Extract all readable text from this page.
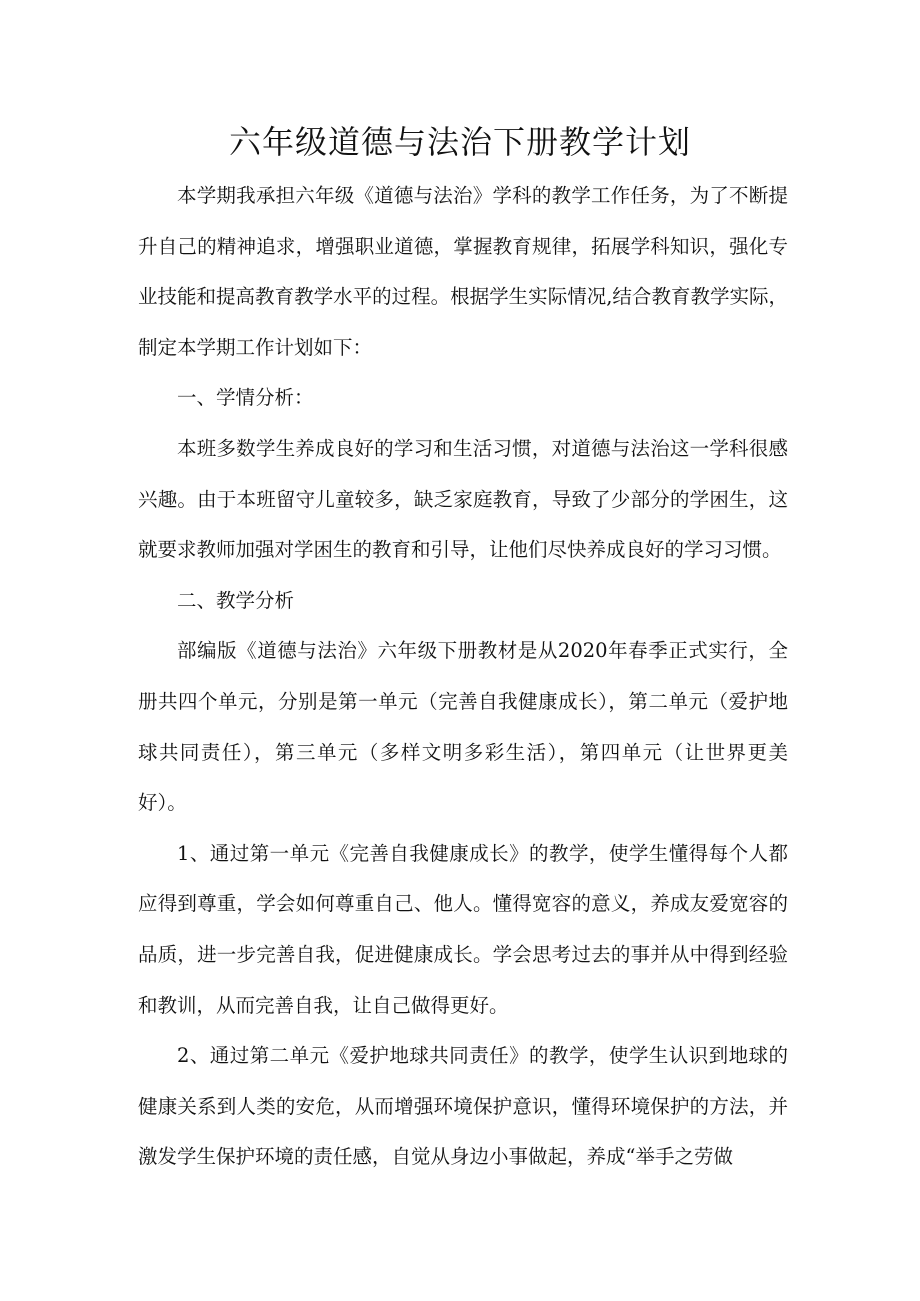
六年级道德与法治下册教学计划

本学期我承担六年级《道德与法治》学科的教学工作任务，为了不断提升自己的精神追求，增强职业道德，掌握教育规律，拓展学科知识，强化专业技能和提高教育教学水平的过程。根据学生实际情况,结合教育教学实际，制定本学期工作计划如下：

一、学情分析：

本班多数学生养成良好的学习和生活习惯，对道德与法治这一学科很感兴趣。由于本班留守儿童较多，缺乏家庭教育，导致了少部分的学困生，这就要求教师加强对学困生的教育和引导，让他们尽快养成良好的学习习惯。

二、教学分析

部编版《道德与法治》六年级下册教材是从2020年春季正式实行，全册共四个单元，分别是第一单元（完善自我健康成长），第二单元（爱护地球共同责任），第三单元（多样文明多彩生活），第四单元（让世界更美好）。

1、通过第一单元《完善自我健康成长》的教学，使学生懂得每个人都应得到尊重，学会如何尊重自己、他人。懂得宽容的意义，养成友爱宽容的品质，进一步完善自我，促进健康成长。学会思考过去的事并从中得到经验和教训，从而完善自我，让自己做得更好。

2、通过第二单元《爱护地球共同责任》的教学，使学生认识到地球的健康关系到人类的安危，从而增强环境保护意识，懂得环境保护的方法，并激发学生保护环境的责任感，自觉从身边小事做起，养成“举手之劳做
